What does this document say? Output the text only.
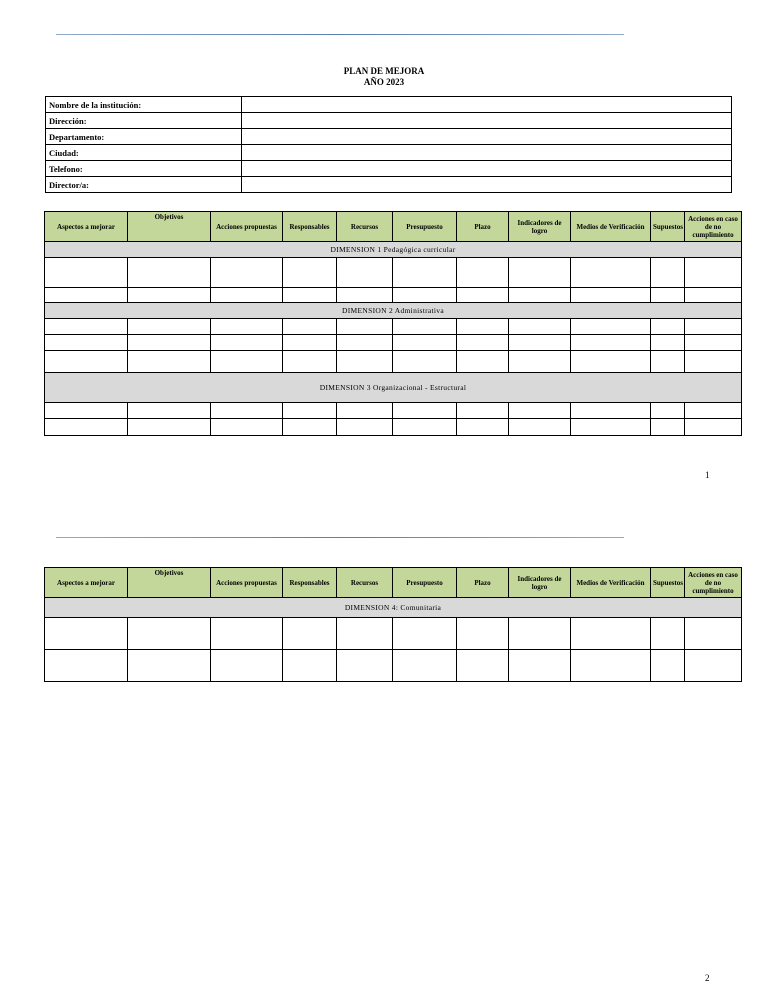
PLAN DE MEJORA
AÑO 2023
Nombre de la institución:	
Dirección:	
Departamento:	
Ciudad:	
Telefono:	
Director/a:	
Aspectos a mejorar	Objetivos	Acciones propuestas	Responsables	Recursos	Presupuesto	Plazo	Indicadores de logro	Medios de Verificación	Supuestos	Acciones en caso de no cumplimiento
DIMENSION 1 Pedagógica curricular										

DIMENSION 2 Administrativa										

DIMENSION 3 Organizacional - Estructural										

1
Aspectos a mejorar	Objetivos	Acciones propuestas	Responsables	Recursos	Presupuesto	Plazo	Indicadores de logro	Medios de Verificación	Supuestos	Acciones en caso de no cumplimiento
DIMENSION 4: Comunitaria										

2
